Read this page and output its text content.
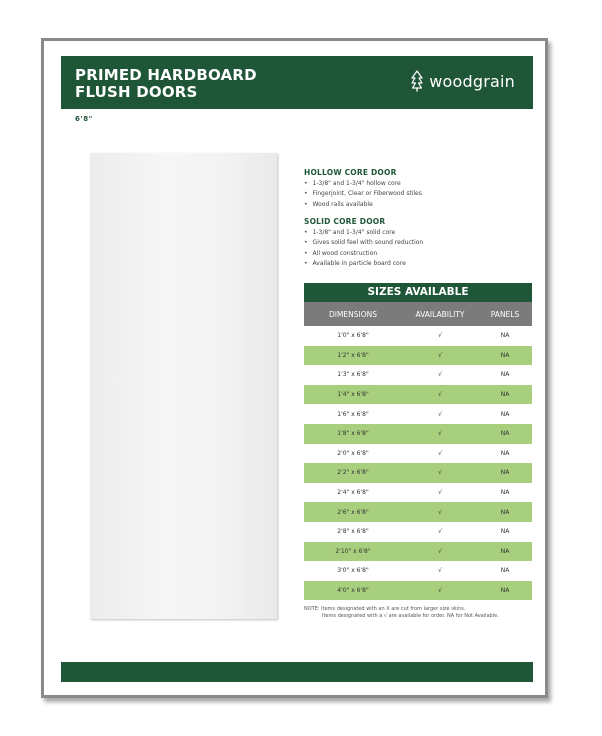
PRIMED HARDBOARD
FLUSH DOORS
woodgrain
6'8"
HOLLOW CORE DOOR
• 1-3/8" and 1-3/4" hollow core
• Fingerjoint, Clear or Fiberwood stiles
• Wood rails available
SOLID CORE DOOR
• 1-3/8" and 1-3/4" solid core
• Gives solid feel with sound reduction
• All wood construction
• Available in particle board core
SIZES AVAILABLE
DIMENSIONS	AVAILABILITY	PANELS
1'0" x 6'8"	√	NA
1'2" x 6'8"	√	NA
1'3" x 6'8"	√	NA
1'4" x 6'8"	√	NA
1'6" x 6'8"	√	NA
1'8" x 6'8"	√	NA
2'0" x 6'8"	√	NA
2'2" x 6'8"	√	NA
2'4" x 6'8"	√	NA
2'6" x 6'8"	√	NA
2'8" x 6'8"	√	NA
2'10" x 6'8"	√	NA
3'0" x 6'8"	√	NA
4'0" x 6'8"	√	NA
NOTE: Items designated with an X are cut from larger size skins.
Items designated with a √ are available for order. NA for Not Available.
